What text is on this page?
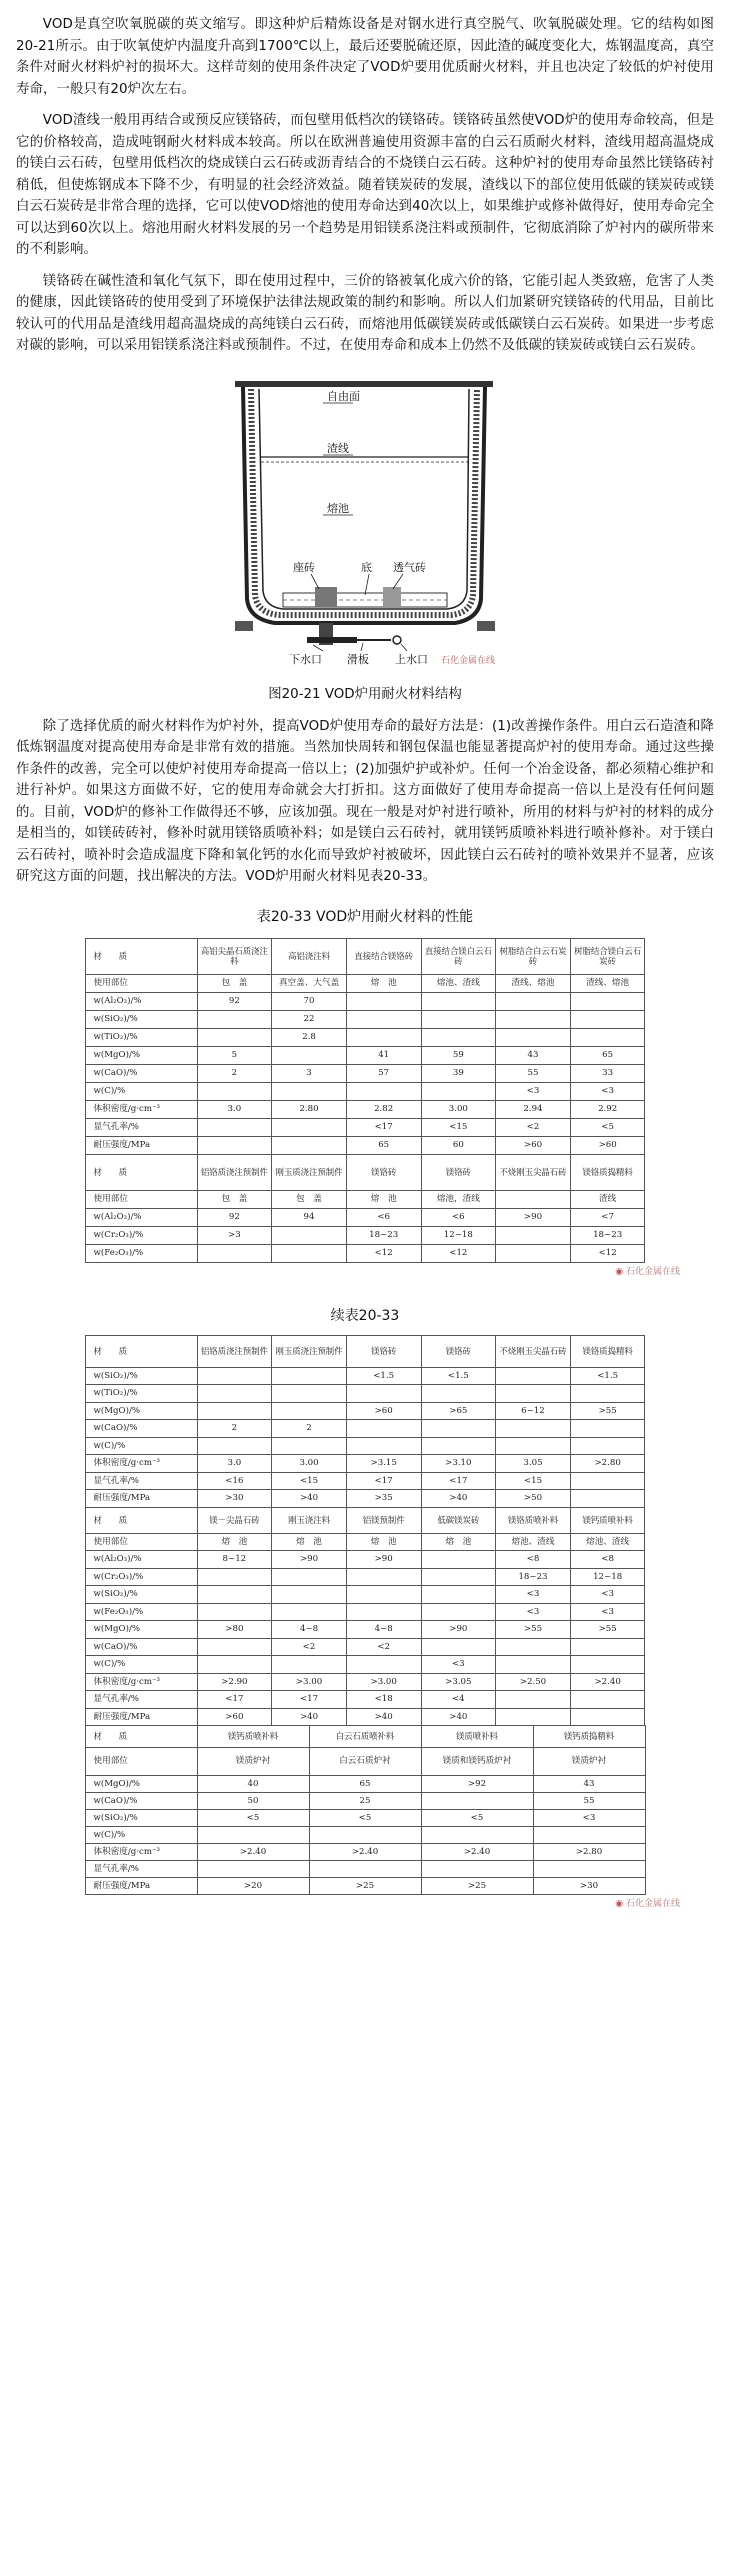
VOD是真空吹氧脱碳的英文缩写。即这种炉后精炼设备是对钢水进行真空脱气、吹氧脱碳处理。它的结构如图20-21所示。由于吹氧使炉内温度升高到1700℃以上，最后还要脱硫还原，因此渣的碱度变化大，炼钢温度高，真空条件对耐火材料炉衬的损坏大。这样苛刻的使用条件决定了VOD炉要用优质耐火材料，并且也决定了较低的炉衬使用寿命，一般只有20炉次左右。

VOD渣线一般用再结合或预反应镁铬砖，而包壁用低档次的镁铬砖。镁铬砖虽然使VOD炉的使用寿命较高，但是它的价格较高，造成吨钢耐火材料成本较高。所以在欧洲普遍使用资源丰富的白云石质耐火材料，渣线用超高温烧成的镁白云石砖，包壁用低档次的烧成镁白云石砖或沥青结合的不烧镁白云石砖。这种炉衬的使用寿命虽然比镁铬砖衬稍低，但使炼钢成本下降不少，有明显的社会经济效益。随着镁炭砖的发展，渣线以下的部位使用低碳的镁炭砖或镁白云石炭砖是非常合理的选择，它可以使VOD熔池的使用寿命达到40次以上，如果维护或修补做得好，使用寿命完全可以达到60次以上。熔池用耐火材料发展的另一个趋势是用铝镁系浇注料或预制件，它彻底消除了炉衬内的碳所带来的不利影响。

镁铬砖在碱性渣和氧化气氛下，即在使用过程中，三价的铬被氧化成六价的铬，它能引起人类致癌，危害了人类的健康，因此镁铬砖的使用受到了环境保护法律法规政策的制约和影响。所以人们加紧研究镁铬砖的代用品，目前比较认可的代用品是渣线用超高温烧成的高纯镁白云石砖，而熔池用低碳镁炭砖或低碳镁白云石炭砖。如果进一步考虑对碳的影响，可以采用铝镁系浇注料或预制件。不过，在使用寿命和成本上仍然不及低碳的镁炭砖或镁白云石炭砖。

自由面
渣线
熔池
座砖	底 透气砖
下水口 滑板 上水口 石化金属在线
图20-21 VOD炉用耐火材料结构

除了选择优质的耐火材料作为炉衬外，提高VOD炉使用寿命的最好方法是：(1)改善操作条件。用白云石造渣和降低炼钢温度对提高使用寿命是非常有效的措施。当然加快周转和钢包保温也能显著提高炉衬的使用寿命。通过这些操作条件的改善，完全可以使炉衬使用寿命提高一倍以上；(2)加强炉护或补炉。任何一个冶金设备，都必须精心维护和进行补炉。如果这方面做不好，它的使用寿命就会大打折扣。这方面做好了使用寿命提高一倍以上是没有任何问题的。目前，VOD炉的修补工作做得还不够，应该加强。现在一般是对炉衬进行喷补，所用的材料与炉衬的材料的成分是相当的，如镁砖砖衬，修补时就用镁铬质喷补料；如是镁白云石砖衬，就用镁钙质喷补料进行喷补修补。对于镁白云石砖衬，喷补时会造成温度下降和氧化钙的水化而导致炉衬被破坏，因此镁白云石砖衬的喷补效果并不显著，应该研究这方面的问题，找出解决的方法。VOD炉用耐火材料见表20-33。

表20-33 VOD炉用耐火材料的性能
材　　质	高铝尖晶石质浇注料	高铝浇注料	直接结合镁铬砖	直接结合镁白云石砖	树脂结合白云石炭砖	树脂结合镁白云石炭砖
使用部位	包　盖	真空盖、大气盖	熔　池	熔池、渣线	渣线、熔池	渣线、熔池
w(Al₂O₃)/%	92	70				
w(SiO₂)/%		22				
w(TiO₂)/%		2.8				
w(MgO)/%	5		41	59	43	65
w(CaO)/%	2	3	57	39	55	33
w(C)/%					<3	<3
体积密度/g·cm⁻³	3.0	2.80	2.82	3.00	2.94	2.92
显气孔率/%			<17	<15	<2	<5
耐压强度/MPa			65	60	>60	>60
材　　质	铝铬质浇注预制件	刚玉质浇注预制件	镁铬砖	镁铬砖	不烧刚玉尖晶石砖	镁铬质捣精料
使用部位	包　盖	包　盖	熔　池	熔池，渣线		渣线
w(Al₂O₃)/%	92	94	<6	<6	>90	<7
w(Cr₂O₃)/%	>3		18~23	12~18		18~23
w(Fe₂O₃)/%			<12	<12		<12
◉ 石化金属在线
续表20-33
材　　质	铝铬质浇注预制件	刚玉质浇注预制件	镁铬砖	镁铬砖	不烧刚玉尖晶石砖	镁铬质捣精料
w(SiO₂)/%			<1.5	<1.5		<1.5
w(TiO₂)/%						
w(MgO)/%			>60	>65	6~12	>55
w(CaO)/%	2	2				
w(C)/%						
体积密度/g·cm⁻³	3.0	3.00	>3.15	>3.10	3.05	>2.80
显气孔率/%	<16	<15	<17	<17	<15	
耐压强度/MPa	>30	>40	>35	>40	>50	
材　　质	镁－尖晶石砖	刚玉浇注料	铝镁预制件	低碳镁炭砖	镁铬质喷补料	镁钙质喷补料
使用部位	熔　池	熔　池	熔　池	熔　池	熔池、渣线	熔池、渣线
w(Al₂O₃)/%	8~12	>90	>90		<8	<8
w(Cr₂O₃)/%					18~23	12~18
w(SiO₂)/%					<3	<3
w(Fe₂O₃)/%					<3	<3
w(MgO)/%	>80	4~8	4~8	>90	>55	>55
w(CaO)/%		<2	<2			
w(C)/%				<3		
体积密度/g·cm⁻³	>2.90	>3.00	>3.00	>3.05	>2.50	>2.40
显气孔率/%	<17	<17	<18	<4		
耐压强度/MPa	>60	>40	>40	>40		
材　　质	镁钙质喷补料	白云石质喷补料	镁质喷补料	镁钙质捣精料
使用部位	镁质炉衬	白云石质炉衬	镁质和镁钙质炉衬	镁质炉衬
w(MgO)/%	40	65	>92	43
w(CaO)/%	50	25		55
w(SiO₂)/%	<5	<5	<5	<3
w(C)/%				
体积密度/g·cm⁻³	>2.40	>2.40	>2.40	>2.80
显气孔率/%				
耐压强度/MPa	>20	>25	>25	>30
◉ 石化金属在线
